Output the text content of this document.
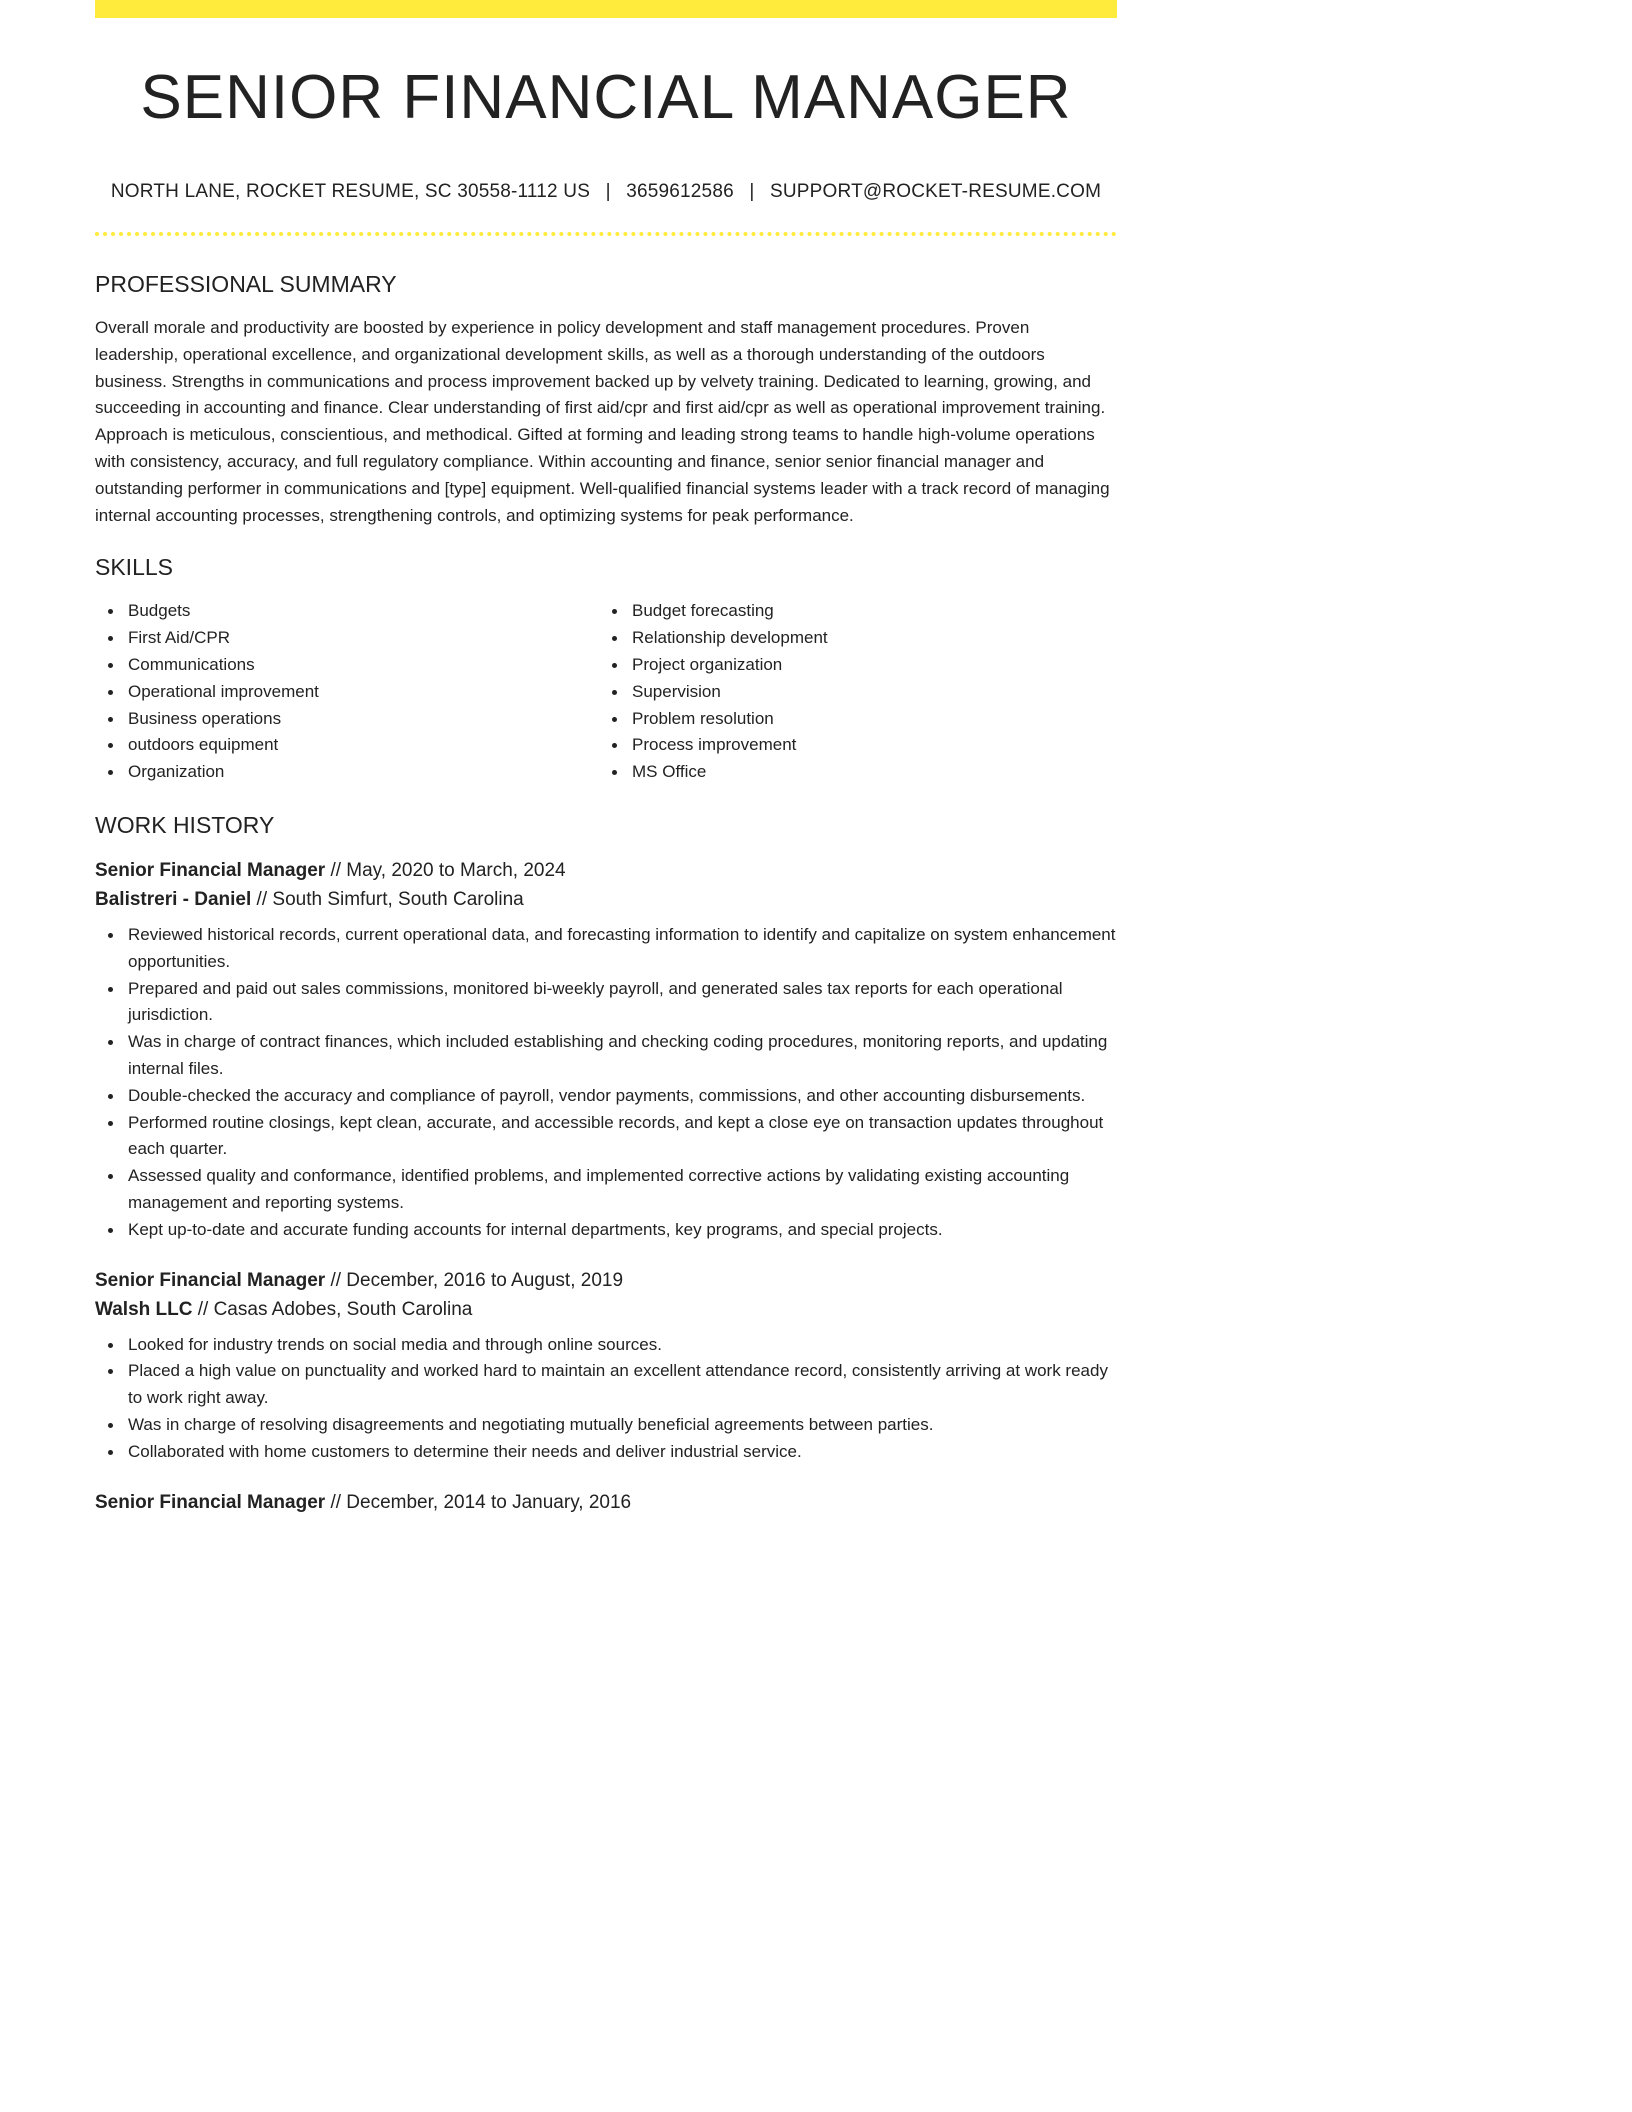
SENIOR FINANCIAL MANAGER
NORTH LANE, ROCKET RESUME, SC 30558-1112 US | 3659612586 | SUPPORT@ROCKET-RESUME.COM
PROFESSIONAL SUMMARY
Overall morale and productivity are boosted by experience in policy development and staff management procedures. Proven leadership, operational excellence, and organizational development skills, as well as a thorough understanding of the outdoors business. Strengths in communications and process improvement backed up by velvety training. Dedicated to learning, growing, and succeeding in accounting and finance. Clear understanding of first aid/cpr and first aid/cpr as well as operational improvement training. Approach is meticulous, conscientious, and methodical. Gifted at forming and leading strong teams to handle high-volume operations with consistency, accuracy, and full regulatory compliance. Within accounting and finance, senior senior financial manager and outstanding performer in communications and [type] equipment. Well-qualified financial systems leader with a track record of managing internal accounting processes, strengthening controls, and optimizing systems for peak performance.
SKILLS
Budgets
First Aid/CPR
Communications
Operational improvement
Business operations
outdoors equipment
Organization
Budget forecasting
Relationship development
Project organization
Supervision
Problem resolution
Process improvement
MS Office
WORK HISTORY
Senior Financial Manager // May, 2020 to March, 2024
Balistreri - Daniel // South Simfurt, South Carolina
Reviewed historical records, current operational data, and forecasting information to identify and capitalize on system enhancement opportunities.
Prepared and paid out sales commissions, monitored bi-weekly payroll, and generated sales tax reports for each operational jurisdiction.
Was in charge of contract finances, which included establishing and checking coding procedures, monitoring reports, and updating internal files.
Double-checked the accuracy and compliance of payroll, vendor payments, commissions, and other accounting disbursements.
Performed routine closings, kept clean, accurate, and accessible records, and kept a close eye on transaction updates throughout each quarter.
Assessed quality and conformance, identified problems, and implemented corrective actions by validating existing accounting management and reporting systems.
Kept up-to-date and accurate funding accounts for internal departments, key programs, and special projects.
Senior Financial Manager // December, 2016 to August, 2019
Walsh LLC // Casas Adobes, South Carolina
Looked for industry trends on social media and through online sources.
Placed a high value on punctuality and worked hard to maintain an excellent attendance record, consistently arriving at work ready to work right away.
Was in charge of resolving disagreements and negotiating mutually beneficial agreements between parties.
Collaborated with home customers to determine their needs and deliver industrial service.
Senior Financial Manager // December, 2014 to January, 2016
